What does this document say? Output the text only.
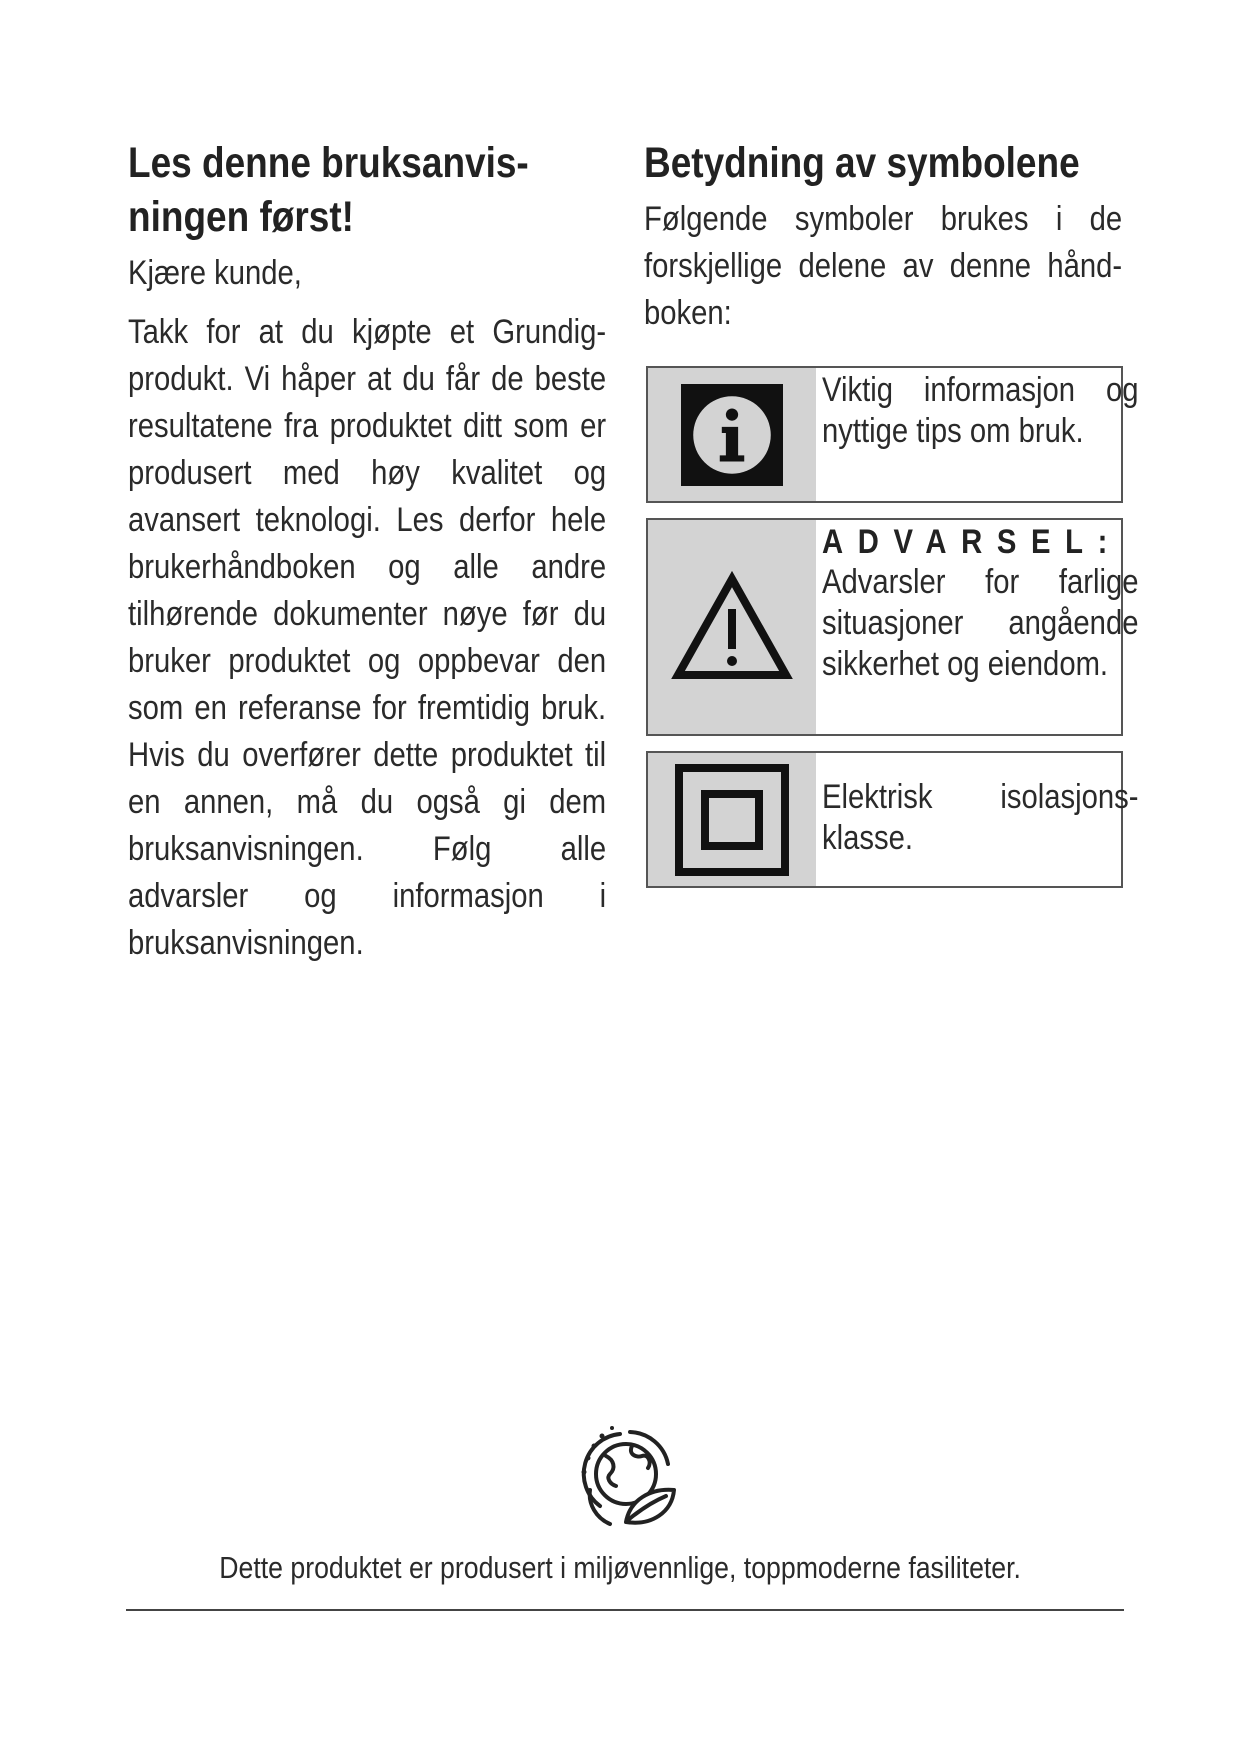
Les denne bruksanvis-
ningen først!

Kjære kunde,

Takk for at du kjøpte et Grundig-produkt. Vi håper at du får de beste resultatene fra produktet ditt som er produsert med høy kvalitet og avansert teknologi. Les derfor hele brukerhåndboken og alle andre tilhørende dokumenter nøye før du bruker produktet og oppbevar den som en referanse for fremtidig bruk. Hvis du overfører dette produktet til en annen, må du også gi dem bruksanvisningen. Følg alle advarsler og informasjon i bruksanvisningen.

Betydning av symbolene

Følgende symboler brukes i de forskjellige delene av denne håndboken:

Viktig informasjon og nyttige tips om bruk.

ADVARSEL:

Advarsler for farlige situasjoner angående sikkerhet og eiendom.

Elektrisk isolasjonsklasse.

Dette produktet er produsert i miljøvennlige, toppmoderne fasiliteter.
